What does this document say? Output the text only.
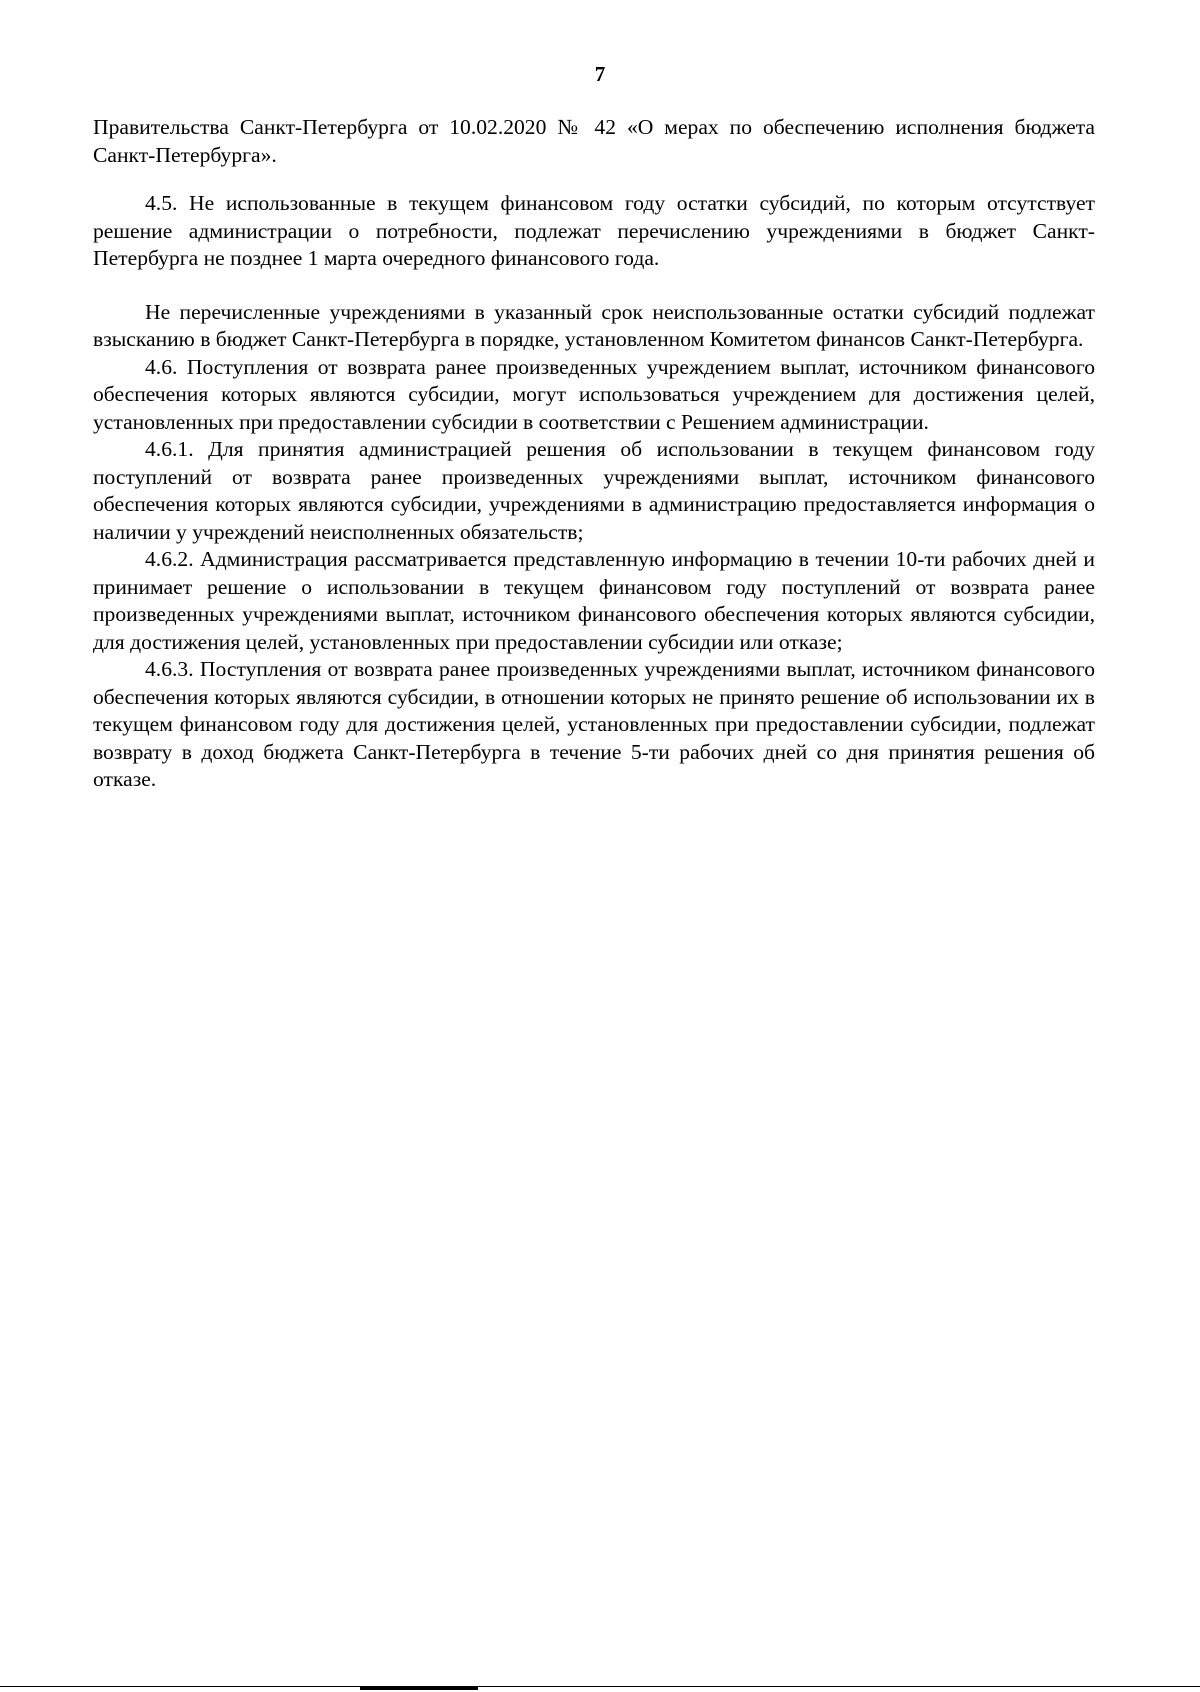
7

Правительства Санкт-Петербурга от 10.02.2020 № 42 «О мерах по обеспечению исполнения бюджета Санкт-Петербурга».

4.5. Не использованные в текущем финансовом году остатки субсидий, по которым отсутствует решение администрации о потребности, подлежат перечислению учреждениями в бюджет Санкт-Петербурга не позднее 1 марта очередного финансового года.

Не перечисленные учреждениями в указанный срок неиспользованные остатки субсидий подлежат взысканию в бюджет Санкт-Петербурга в порядке, установленном Комитетом финансов Санкт-Петербурга.

4.6. Поступления от возврата ранее произведенных учреждением выплат, источником финансового обеспечения которых являются субсидии, могут использоваться учреждением для достижения целей, установленных при предоставлении субсидии в соответствии с Решением администрации.

4.6.1. Для принятия администрацией решения об использовании в текущем финансовом году поступлений от возврата ранее произведенных учреждениями выплат, источником финансового обеспечения которых являются субсидии, учреждениями в администрацию предоставляется информация о наличии у учреждений неисполненных обязательств;

4.6.2. Администрация рассматривается представленную информацию в течении 10-ти рабочих дней и принимает решение о использовании в текущем финансовом году поступлений от возврата ранее произведенных учреждениями выплат, источником финансового обеспечения которых являются субсидии, для достижения целей, установленных при предоставлении субсидии или отказе;

4.6.3. Поступления от возврата ранее произведенных учреждениями выплат, источником финансового обеспечения которых являются субсидии, в отношении которых не принято решение об использовании их в текущем финансовом году для достижения целей, установленных при предоставлении субсидии, подлежат возврату в доход бюджета Санкт-Петербурга в течение 5-ти рабочих дней со дня принятия решения об отказе.
